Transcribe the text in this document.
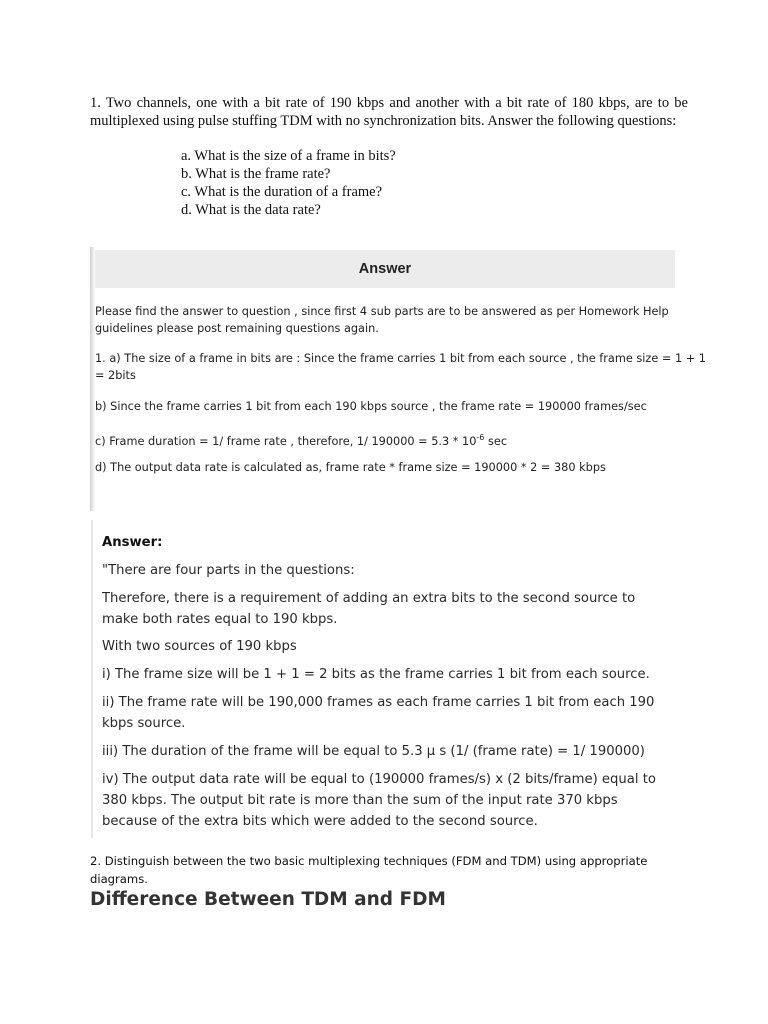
1. Two channels, one with a bit rate of 190 kbps and another with a bit rate of 180 kbps, are to be multiplexed using pulse stuffing TDM with no synchronization bits. Answer the following questions:
a. What is the size of a frame in bits?
b. What is the frame rate?
c. What is the duration of a frame?
d. What is the data rate?
Answer
Please find the answer to question , since first 4 sub parts are to be answered as per Homework Help
guidelines please post remaining questions again.
1. a) The size of a frame in bits are : Since the frame carries 1 bit from each source , the frame size = 1 + 1
= 2bits
b) Since the frame carries 1 bit from each 190 kbps source , the frame rate = 190000 frames/sec
c) Frame duration = 1/ frame rate , therefore, 1/ $190000 = 5.3 * 10^{-6}$ sec
d) The output data rate is calculated as, frame rate * frame size = 190000 * 2 = 380 kbps
Answer:
"There are four parts in the questions:
Therefore, there is a requirement of adding an extra bits to the second source to
make both rates equal to 190 kbps.
With two sources of 190 kbps
i) The frame size will be 1 + 1 = 2 bits as the frame carries 1 bit from each source.
ii) The frame rate will be 190,000 frames as each frame carries 1 bit from each 190
kbps source.
iii) The duration of the frame will be equal to 5.3 µ s (1/ (frame rate) = 1/ 190000)
iv) The output data rate will be equal to (190000 frames/s) x (2 bits/frame) equal to
380 kbps. The output bit rate is more than the sum of the input rate 370 kbps
because of the extra bits which were added to the second source.
2. Distinguish between the two basic multiplexing techniques (FDM and TDM) using appropriate
diagrams.
Difference Between TDM and FDM
